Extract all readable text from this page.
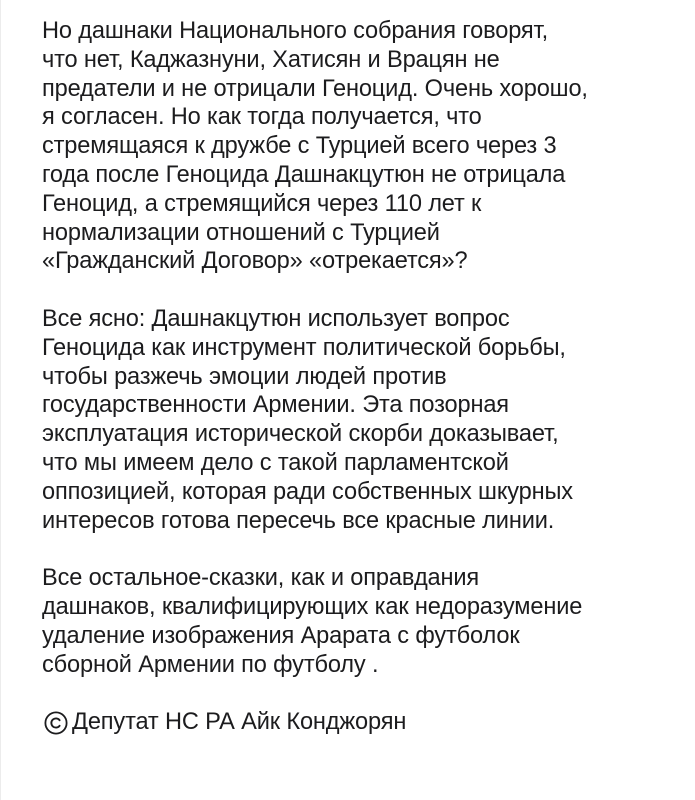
Но дашнаки Национального собрания говорят,
что нет, Каджазнуни, Хатисян и Врацян не
предатели и не отрицали Геноцид. Очень хорошо,
я согласен. Но как тогда получается, что
стремящаяся к дружбе с Турцией всего через 3
года после Геноцида Дашнакцутюн не отрицала
Геноцид, а стремящийся через 110 лет к
нормализации отношений с Турцией
«Гражданский Договор» «отрекается»?

Все ясно: Дашнакцутюн использует вопрос
Геноцида как инструмент политической борьбы,
чтобы разжечь эмоции людей против
государственности Армении. Эта позорная
эксплуатация исторической скорби доказывает,
что мы имеем дело с такой парламентской
оппозицией, которая ради собственных шкурных
интересов готова пересечь все красные линии.

Все остальное-сказки, как и оправдания
дашнаков, квалифицирующих как недоразумение
удаление изображения Арарата с футболок
сборной Армении по футболу .

Депутат НС РА Айк Конджорян
